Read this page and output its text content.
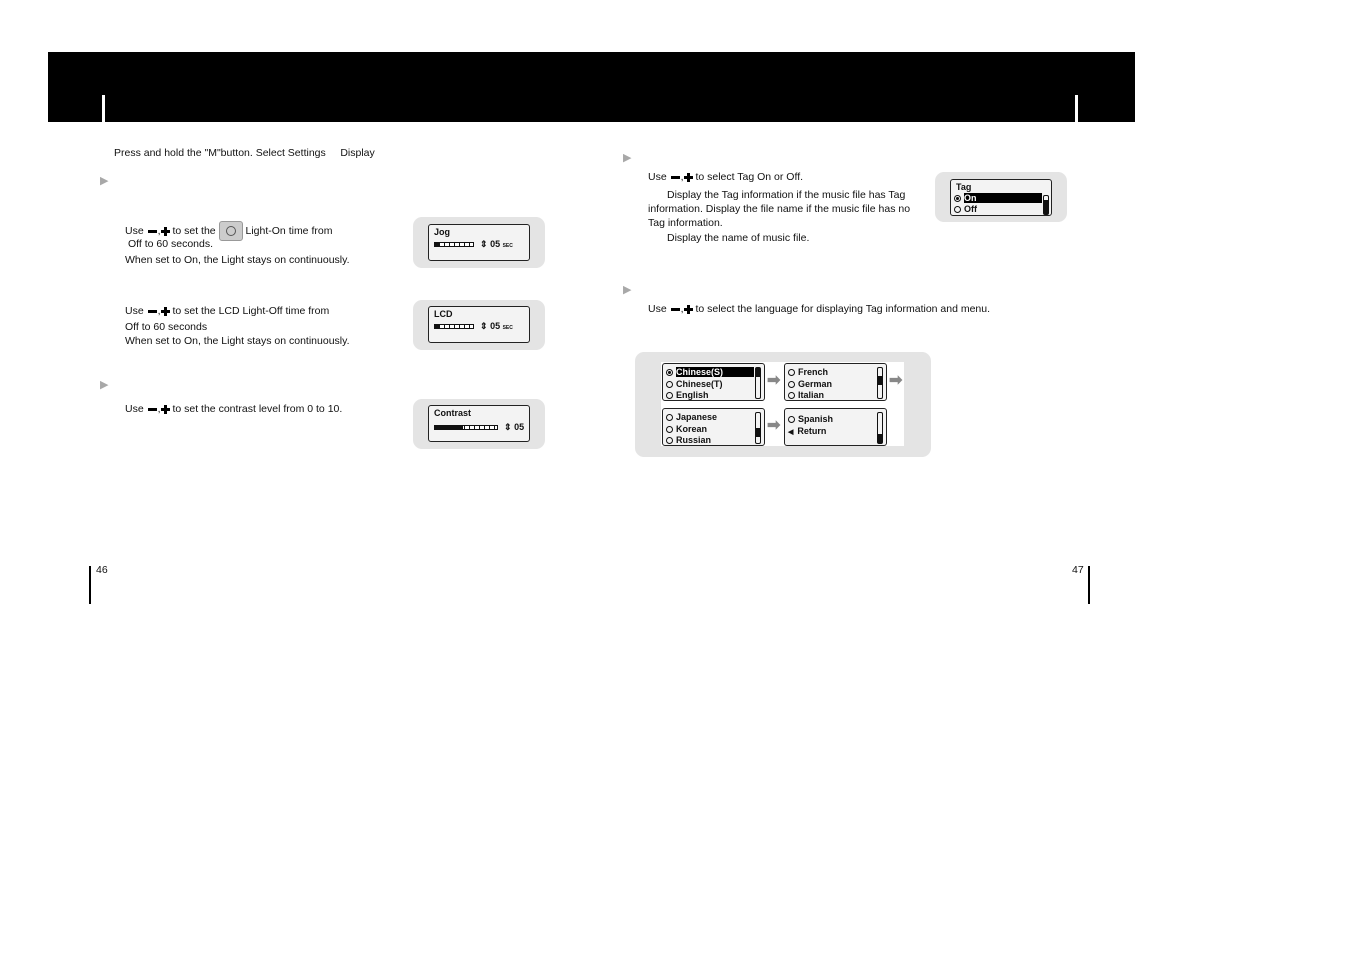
Press and hold the "M"button. Select Settings     Display
▶
Use , to set the	Light-On time from
Off to 60 seconds.
When set to On, the Light stays on continuously.
Jog
⇕ 05 SEC
Use , to set the LCD Light-Off time from
Off to 60 seconds
When set to On, the Light stays on continuously.
LCD
⇕ 05 SEC
▶
Use , to set the contrast level from 0 to 10.	Contrast
⇕ 05
46
▶
Use , to select Tag On or Off.
Display the Tag information if the music file has Tag
information. Display the file name if the music file has no
Tag information.
Display the name of music file.
Tag
On
Off
▶
Use , to select the language for displaying Tag information and menu.
Chinese(S)
Chinese(T)
English
➡	French
German
Italian
➡
Japanese
Korean
Russian
➡	Spanish
◀ Return
47
